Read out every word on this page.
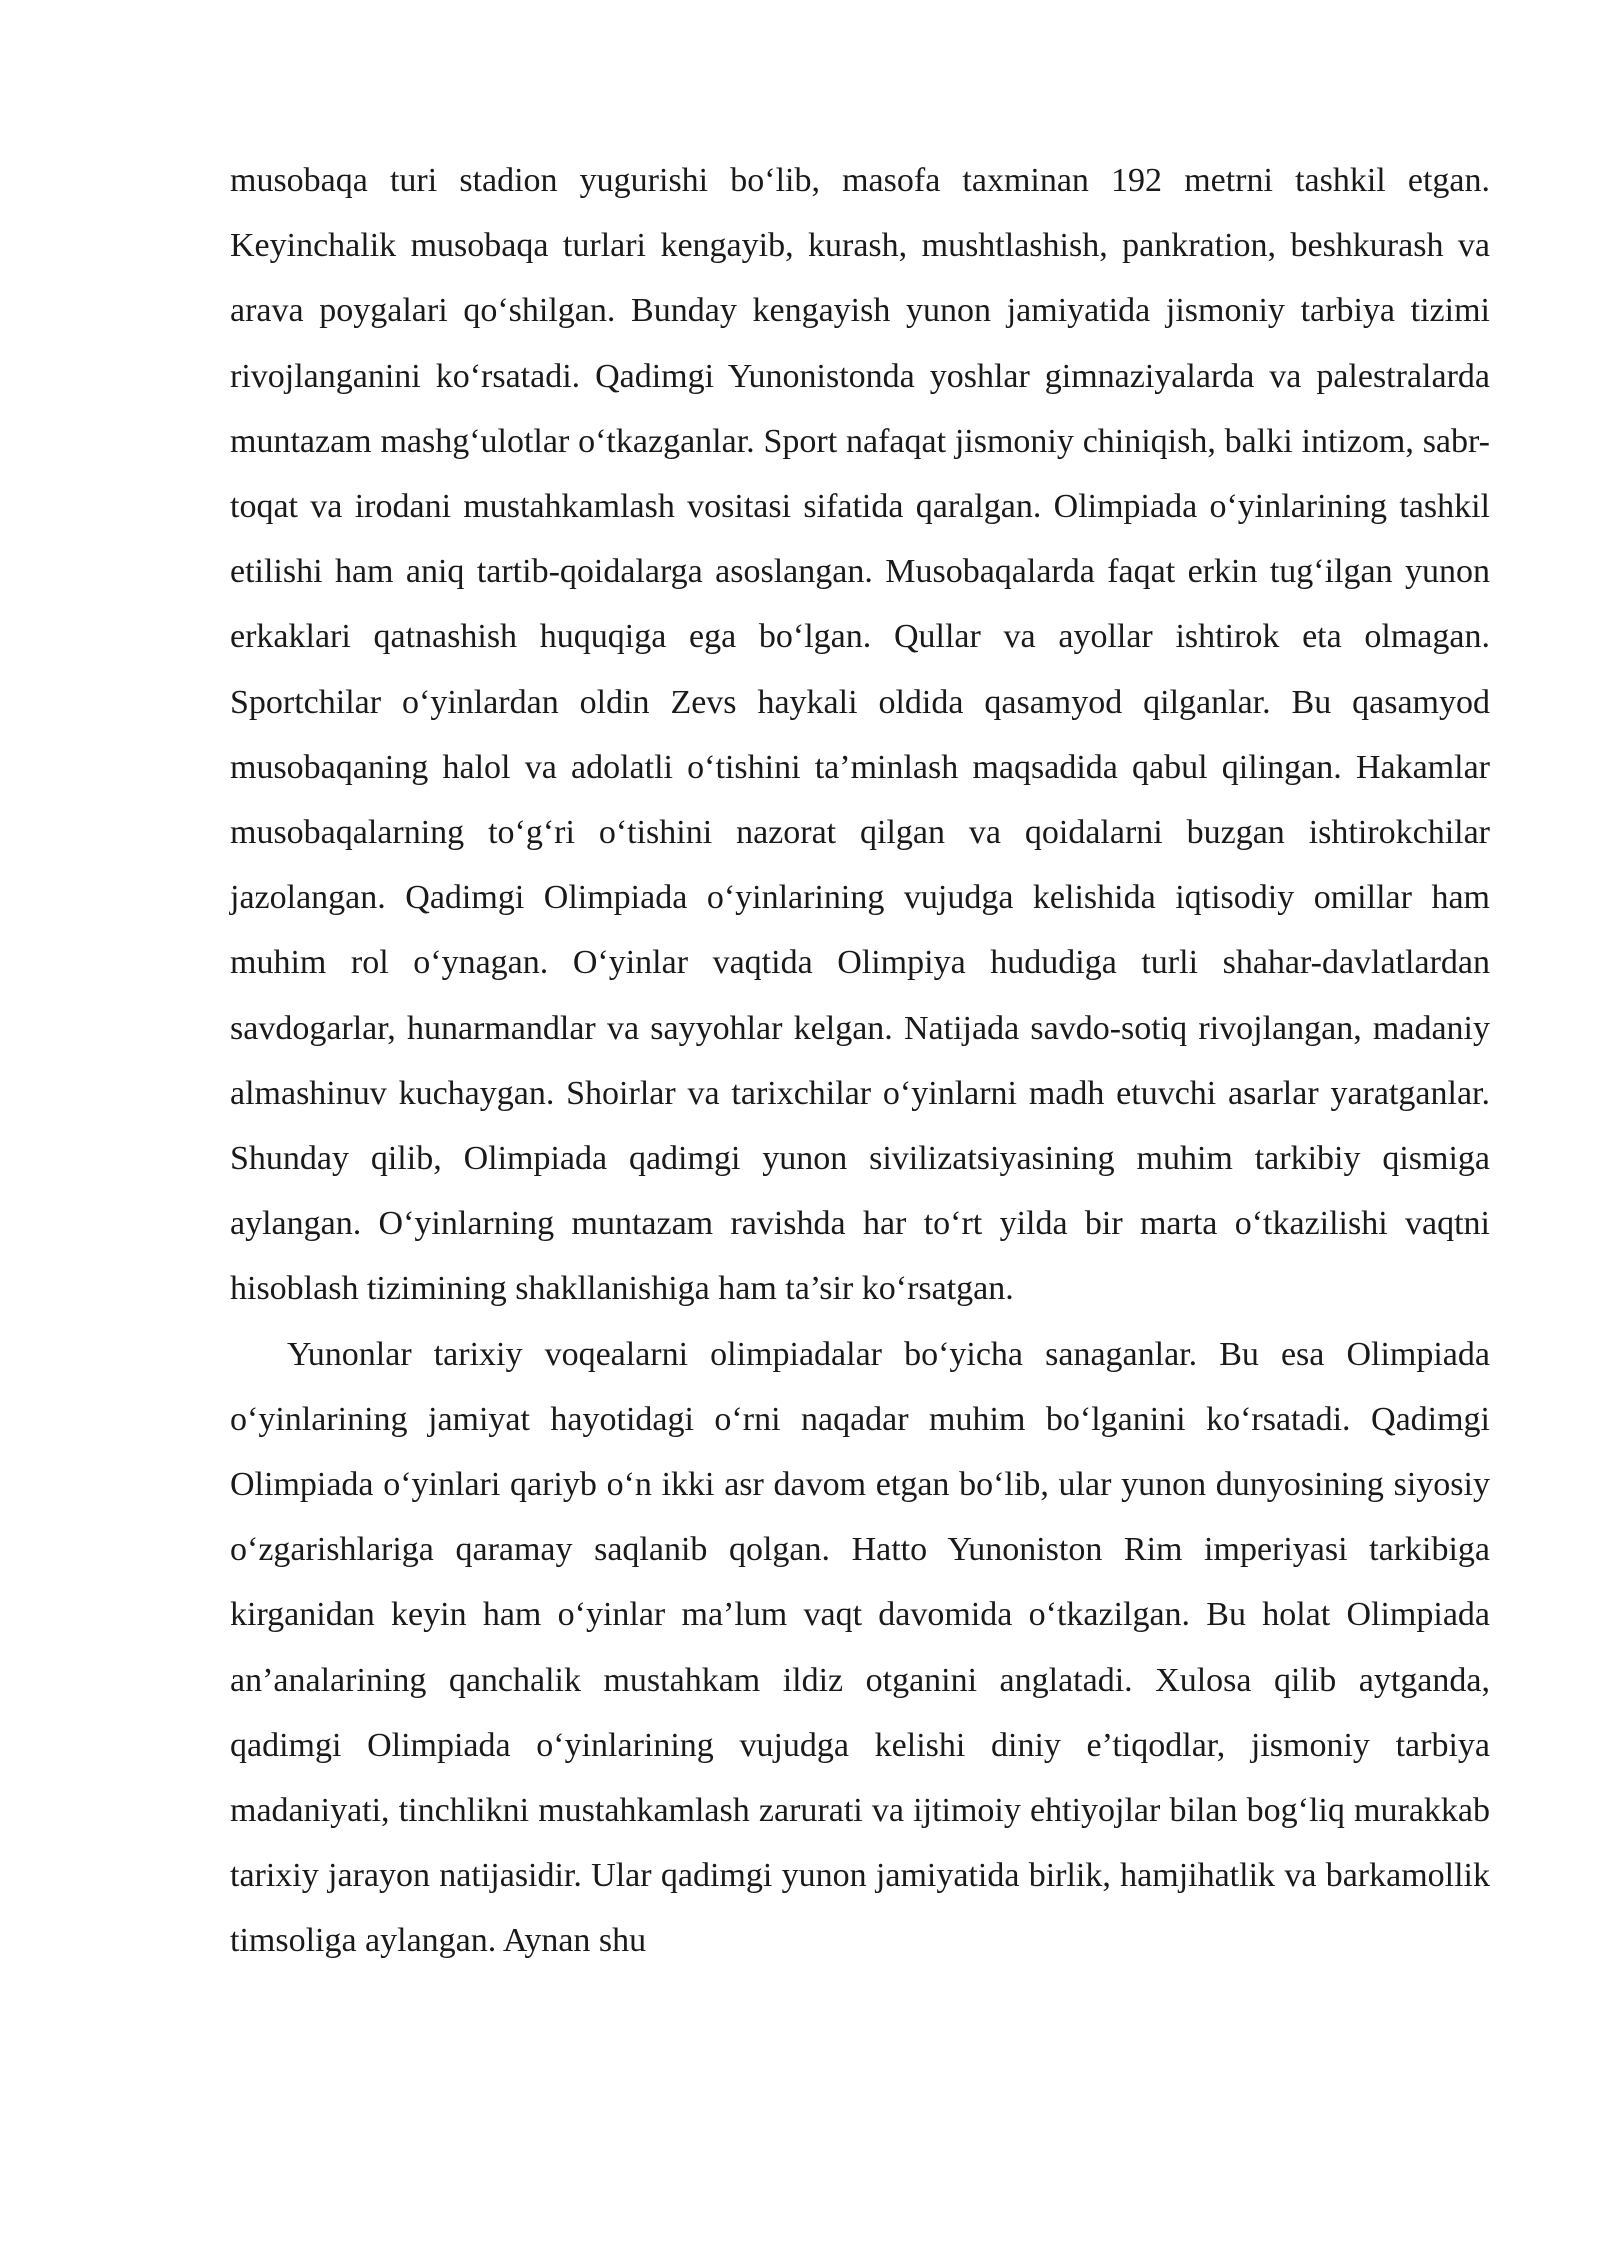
musobaqa turi stadion yugurishi bo‘lib, masofa taxminan 192 metrni tashkil etgan. Keyinchalik musobaqa turlari kengayib, kurash, mushtlashish, pankration, beshkurash va arava poygalari qo‘shilgan. Bunday kengayish yunon jamiyatida jismoniy tarbiya tizimi rivojlanganini ko‘rsatadi. Qadimgi Yunonistonda yoshlar gimnaziyalarda va palestralarda muntazam mashg‘ulotlar o‘tkazganlar. Sport nafaqat jismoniy chiniqish, balki intizom, sabr-toqat va irodani mustahkamlash vositasi sifatida qaralgan. Olimpiada o‘yinlarining tashkil etilishi ham aniq tartib-qoidalarga asoslangan. Musobaqalarda faqat erkin tug‘ilgan yunon erkaklari qatnashish huquqiga ega bo‘lgan. Qullar va ayollar ishtirok eta olmagan. Sportchilar o‘yinlardan oldin Zevs haykali oldida qasamyod qilganlar. Bu qasamyod musobaqaning halol va adolatli o‘tishini ta’minlash maqsadida qabul qilingan. Hakamlar musobaqalarning to‘g‘ri o‘tishini nazorat qilgan va qoidalarni buzgan ishtirokchilar jazolangan. Qadimgi Olimpiada o‘yinlarining vujudga kelishida iqtisodiy omillar ham muhim rol o‘ynagan. O‘yinlar vaqtida Olimpiya hududiga turli shahar-davlatlardan savdogarlar, hunarmandlar va sayyohlar kelgan. Natijada savdo-sotiq rivojlangan, madaniy almashinuv kuchaygan. Shoirlar va tarixchilar o‘yinlarni madh etuvchi asarlar yaratganlar. Shunday qilib, Olimpiada qadimgi yunon sivilizatsiyasining muhim tarkibiy qismiga aylangan. O‘yinlarning muntazam ravishda har to‘rt yilda bir marta o‘tkazilishi vaqtni hisoblash tizimining shakllanishiga ham ta’sir ko‘rsatgan.

Yunonlar tarixiy voqealarni olimpiadalar bo‘yicha sanaganlar. Bu esa Olimpiada o‘yinlarining jamiyat hayotidagi o‘rni naqadar muhim bo‘lganini ko‘rsatadi. Qadimgi Olimpiada o‘yinlari qariyb o‘n ikki asr davom etgan bo‘lib, ular yunon dunyosining siyosiy o‘zgarishlariga qaramay saqlanib qolgan. Hatto Yunoniston Rim imperiyasi tarkibiga kirganidan keyin ham o‘yinlar ma’lum vaqt davomida o‘tkazilgan. Bu holat Olimpiada an’analarining qanchalik mustahkam ildiz otganini anglatadi. Xulosa qilib aytganda, qadimgi Olimpiada o‘yinlarining vujudga kelishi diniy e’tiqodlar, jismoniy tarbiya madaniyati, tinchlikni mustahkamlash zarurati va ijtimoiy ehtiyojlar bilan bog‘liq murakkab tarixiy jarayon natijasidir. Ular qadimgi yunon jamiyatida birlik, hamjihatlik va barkamollik timsoliga aylangan. Aynan shu
